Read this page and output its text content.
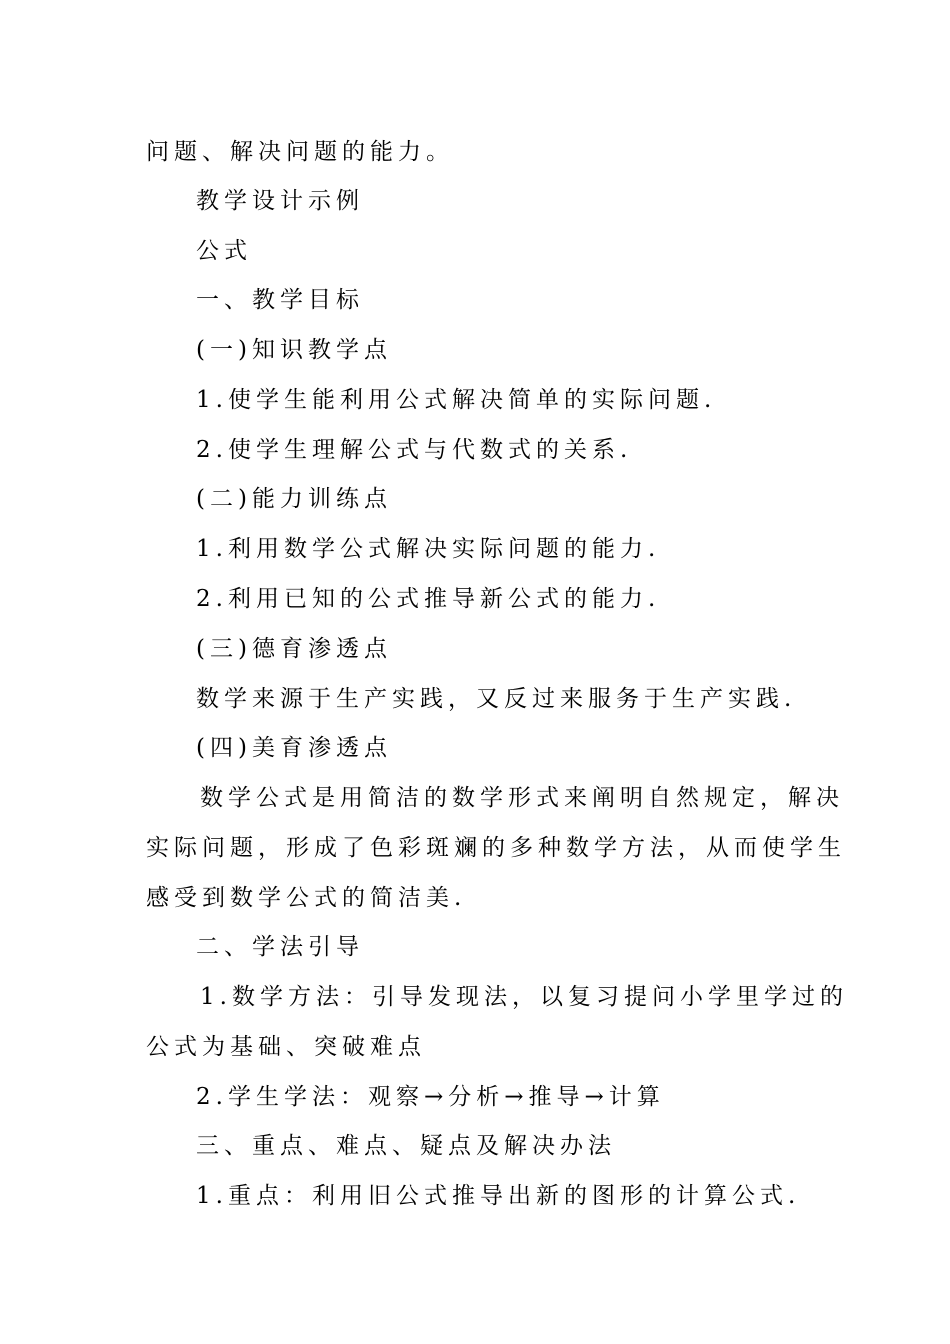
问题、解决问题的能力。
教学设计示例
公式
一、教学目标
(一)知识教学点
1.使学生能利用公式解决简单的实际问题.
2.使学生理解公式与代数式的关系.
(二)能力训练点
1.利用数学公式解决实际问题的能力.
2.利用已知的公式推导新公式的能力.
(三)德育渗透点
数学来源于生产实践，又反过来服务于生产实践.
(四)美育渗透点
数学公式是用简洁的数学形式来阐明自然规定，解决
实际问题，形成了色彩斑斓的多种数学方法，从而使学生
感受到数学公式的简洁美.
二、学法引导
1.数学方法：引导发现法，以复习提问小学里学过的
公式为基础、突破难点
2.学生学法：观察→分析→推导→计算
三、重点、难点、疑点及解决办法
1.重点：利用旧公式推导出新的图形的计算公式.
